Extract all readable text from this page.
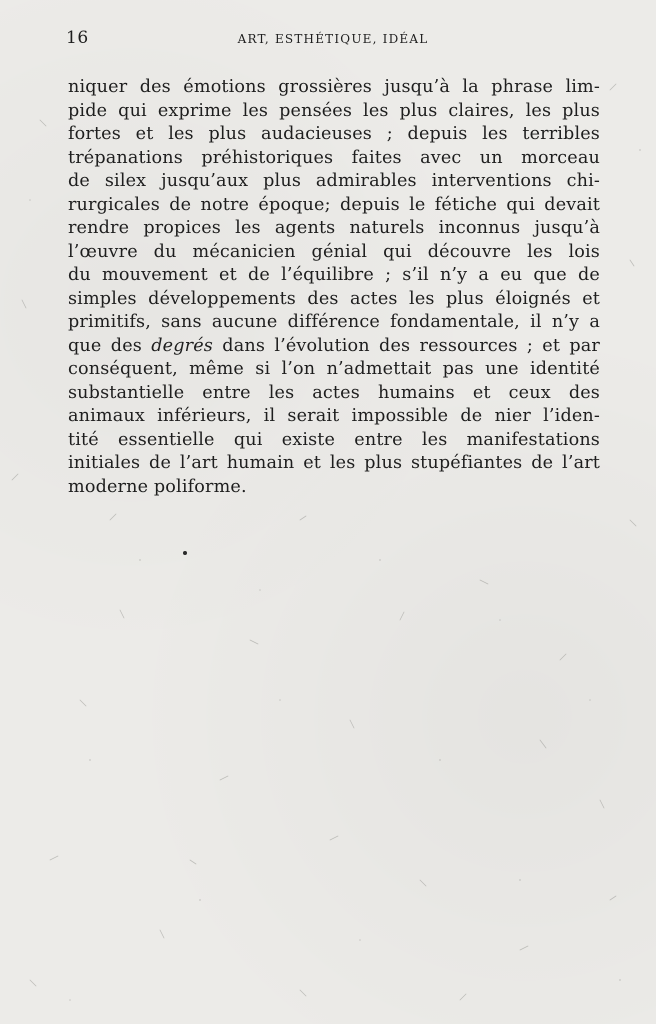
16	ART, ESTHÉTIQUE, IDÉAL
niquer des émotions grossières jusqu’à la phrase lim-
pide qui exprime les pensées les plus claires, les plus
fortes et les plus audacieuses ; depuis les terribles
trépanations préhistoriques faites avec un morceau
de silex jusqu’aux plus admirables interventions chi-
rurgicales de notre époque; depuis le fétiche qui devait
rendre propices les agents naturels inconnus jusqu’à
l’œuvre du mécanicien génial qui découvre les lois
du mouvement et de l’équilibre ; s’il n’y a eu que de
simples développements des actes les plus éloignés et
primitifs, sans aucune différence fondamentale, il n’y a
que des degrés dans l’évolution des ressources ; et par
conséquent, même si l’on n’admettait pas une identité
substantielle entre les actes humains et ceux des
animaux inférieurs, il serait impossible de nier l’iden-
tité essentielle qui existe entre les manifestations
initiales de l’art humain et les plus stupéfiantes de l’art
moderne poliforme.
